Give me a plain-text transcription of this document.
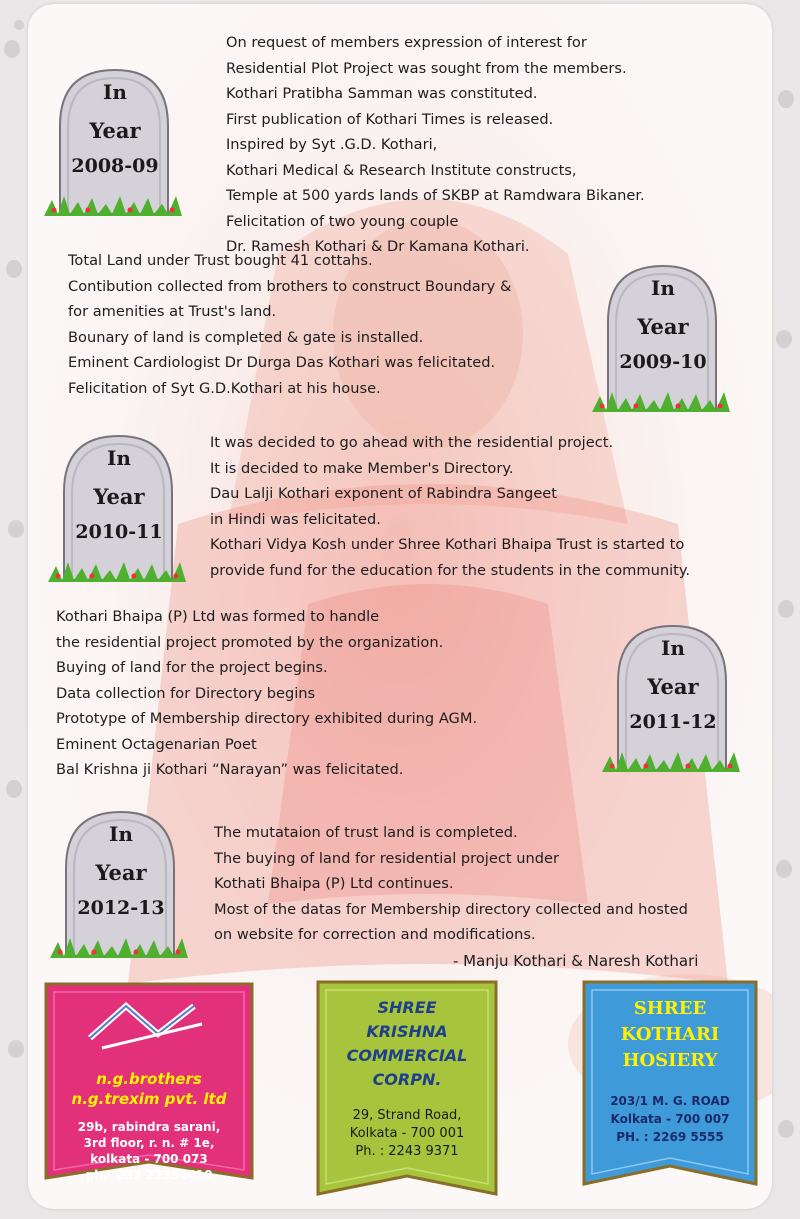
In
Year
2008-09
On request of members expression of interest for
Residential Plot Project was sought from the members.
Kothari Pratibha Samman was constituted.
First publication of Kothari Times is released.
Inspired by Syt .G.D. Kothari,
Kothari Medical & Research Institute constructs,
Temple at 500 yards lands of SKBP at Ramdwara Bikaner.
Felicitation of two young couple
Dr. Ramesh Kothari & Dr Kamana Kothari.
Total Land under Trust bought 41 cottahs.
Contibution collected from brothers to construct Boundary &
for amenities at Trust's land.
Bounary of land is completed & gate is installed.
Eminent Cardiologist Dr Durga Das Kothari was felicitated.
Felicitation of Syt G.D.Kothari at his house.
In
Year
2009-10
In
Year
2010-11
It was decided to go ahead with the residential project.
It is decided to make Member's Directory.
Dau Lalji Kothari exponent of Rabindra Sangeet
in Hindi was felicitated.
Kothari Vidya Kosh under Shree Kothari Bhaipa Trust is started to
provide fund for the education for the students in the community.
Kothari Bhaipa (P) Ltd was formed to handle
the residential project promoted by the organization.
Buying of land for the project begins.
Data collection for Directory begins
Prototype of Membership directory exhibited during AGM.
Eminent Octagenarian Poet
Bal Krishna ji Kothari “Narayan” was felicitated.
In
Year
2011-12
In
Year
2012-13
The mutataion of trust land is completed.
The buying of land for residential project under
Kothati Bhaipa (P) Ltd continues.
Most of the datas for Membership directory collected and hosted
on website for correction and modifications.
- Manju Kothari & Naresh Kothari
n.g.brothers
n.g.trexim pvt. ltd
29b, rabindra sarani,
3rd floor, r. n. # 1e,
kolkata - 700 073
ph.- 033 22351410
SHREE
KRISHNA
COMMERCIAL
CORPN.
29, Strand Road,
Kolkata - 700 001
Ph. : 2243 9371
SHREE
KOTHARI
HOSIERY
203/1 M. G. ROAD
Kolkata - 700 007
PH. : 2269 5555
